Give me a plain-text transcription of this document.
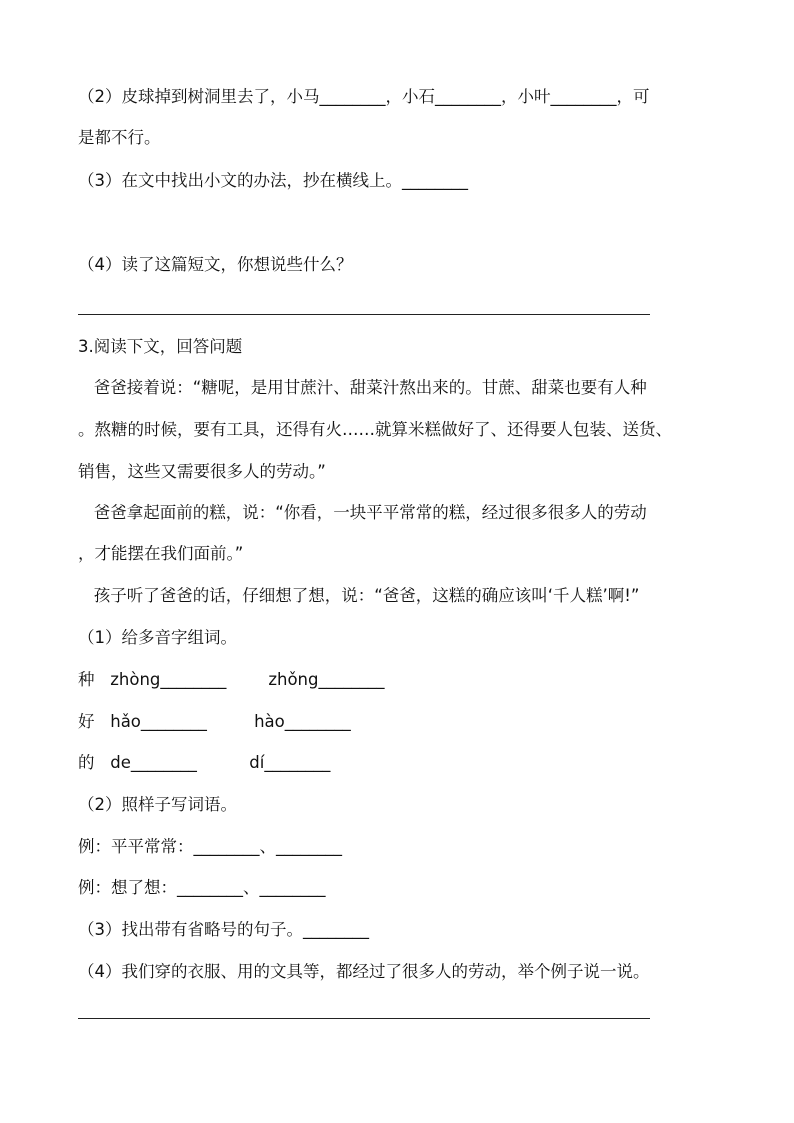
（2）皮球掉到树洞里去了，小马________，小石________，小叶________，可
是都不行。
（3）在文中找出小文的办法，抄在横线上。________
（4）读了这篇短文，你想说些什么？
3.阅读下文，回答问题
爸爸接着说：“糖呢，是用甘蔗汁、甜菜汁熬出来的。甘蔗、甜菜也要有人种
。熬糖的时候，要有工具，还得有火……就算米糕做好了、还得要人包装、送货、
销售，这些又需要很多人的劳动。”
爸爸拿起面前的糕，说：“你看，一块平平常常的糕，经过很多很多人的劳动
，才能摆在我们面前。”
孩子听了爸爸的话，仔细想了想，说：“爸爸，这糕的确应该叫‘千人糕’啊!”
（1）给多音字组词。
种   zhòng________        zhǒng________
好   hǎo________         hào________
的   de________          dí________
（2）照样子写词语。
例：平平常常：________、________
例：想了想：________、________
（3）找出带有省略号的句子。________
（4）我们穿的衣服、用的文具等，都经过了很多人的劳动，举个例子说一说。
